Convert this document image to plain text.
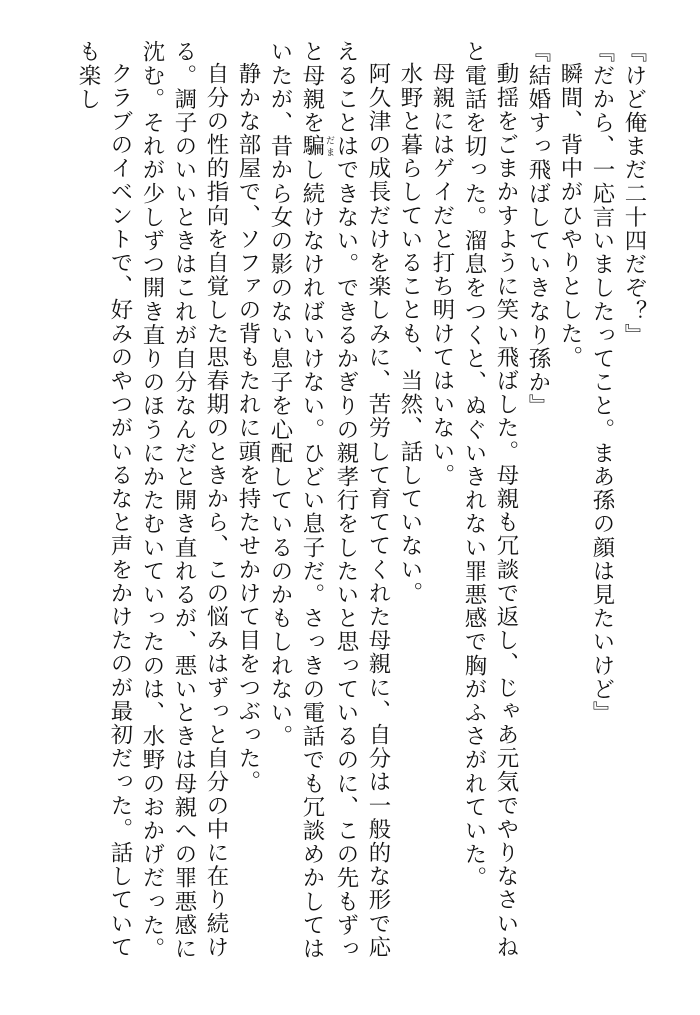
『けど俺まだ二十四だぞ？』

『だから、一応言いましたってこと。まあ孫の顔は見たいけど』

瞬間、背中がひやりとした。

『結婚すっ飛ばしていきなり孫か』

動揺をごまかすように笑い飛ばした。母親も冗談で返し、じゃあ元気でやりなさいねと電話を切った。溜息をつくと、ぬぐいきれない罪悪感で胸がふさがれていた。

母親にはゲイだと打ち明けてはいない。

水野と暮らしていることも、当然、話していない。

阿久津の成長だけを楽しみに、苦労して育ててくれた母親に、自分は一般的な形で応えることはできない。できるかぎりの親孝行をしたいと思っているのに、この先もずっと母親を騙 だまし続けなければいけない。ひどい息子だ。さっきの電話でも冗談めかしてはいたが、昔から女の影のない息子を心配しているのかもしれない。

静かな部屋で、ソファの背もたれに頭を持たせかけて目をつぶった。

自分の性的指向を自覚した思春期のときから、この悩みはずっと自分の中に在り続ける。調子のいいときはこれが自分なんだと開き直れるが、悪いときは母親への罪悪感に沈む。それが少しずつ開き直りのほうにかたむいていったのは、水野のおかげだった。

クラブのイベントで、好みのやつがいるなと声をかけたのが最初だった。話していても楽し
